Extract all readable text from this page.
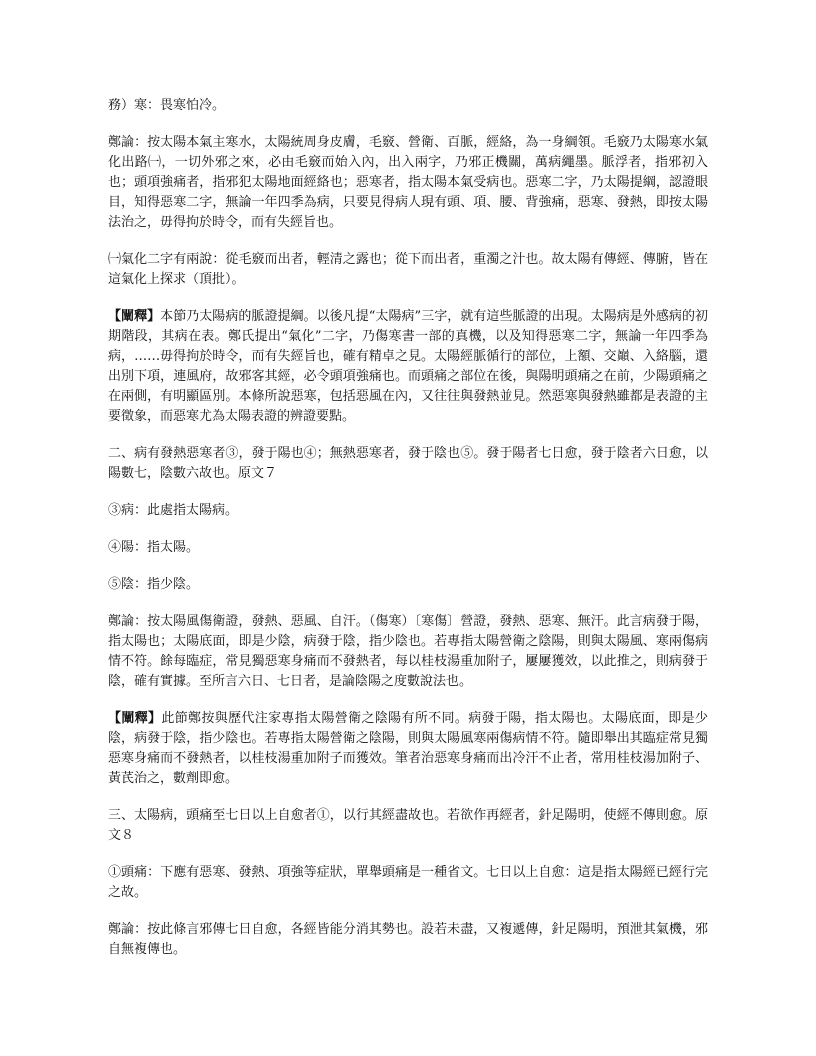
務）寒：畏寒怕冷。

鄭論：按太陽本氣主寒水，太陽統周身皮膚，毛竅、營衛、百脈，經絡，為一身綱領。毛竅乃太陽寒水氣化出路㈠，一切外邪之來，必由毛竅而始入內，出入兩字，乃邪正機關，萬病繩墨。脈浮者，指邪初入也；頭項強痛者，指邪犯太陽地面經絡也；惡寒者，指太陽本氣受病也。惡寒二字，乃太陽提綱，認證眼目，知得惡寒二字，無論一年四季為病，只要見得病人現有頭、項、腰、背強痛，惡寒、發熱，即按太陽法治之，毋得拘於時令，而有失經旨也。

㈠氣化二字有兩說：從毛竅而出者，輕清之露也；從下而出者，重濁之汁也。故太陽有傳經、傳腑，皆在這氣化上探求（頂批）。

【闡釋】本節乃太陽病的脈證提綱。以後凡提“太陽病”三字，就有這些脈證的出現。太陽病是外感病的初期階段，其病在表。鄭氏提出“氣化”二字，乃傷寒書一部的真機，以及知得惡寒二字，無論一年四季為病，……毋得拘於時令，而有失經旨也，確有精卓之見。太陽經脈循行的部位，上額、交巔、入絡腦，還出別下項，連風府，故邪客其經，必令頭項強痛也。而頭痛之部位在後，與陽明頭痛之在前，少陽頭痛之在兩側，有明顯區別。本條所說惡寒，包括惡風在內，又往往與發熱並見。然惡寒與發熱雖都是表證的主要徵象，而惡寒尤為太陽表證的辨證要點。

二、病有發熱惡寒者③，發于陽也④；無熱惡寒者，發于陰也⑤。發于陽者七日愈，發于陰者六日愈，以陽數七，陰數六故也。原文７

③病：此處指太陽病。

④陽：指太陽。

⑤陰：指少陰。

鄭論：按太陽風傷衛證，發熱、惡風、自汗。（傷寒）〔寒傷〕營證，發熱、惡寒、無汗。此言病發于陽，指太陽也；太陽底面，即是少陰，病發于陰，指少陰也。若專指太陽營衛之陰陽，則與太陽風、寒兩傷病情不符。餘每臨症，常見獨惡寒身痛而不發熱者，每以桂枝湯重加附子，屢屢獲效，以此推之，則病發于陰，確有實據。至所言六日、七日者，是論陰陽之度數說法也。

【闡釋】此節鄭按與歷代注家專指太陽營衛之陰陽有所不同。病發于陽，指太陽也。太陽底面，即是少陰，病發于陰，指少陰也。若專指太陽營衛之陰陽，則與太陽風寒兩傷病情不符。隨即舉出其臨症常見獨惡寒身痛而不發熱者，以桂枝湯重加附子而獲效。筆者治惡寒身痛而出冷汗不止者，常用桂枝湯加附子、黃芪治之，數劑即愈。

三、太陽病，頭痛至七日以上自愈者①，以行其經盡故也。若欲作再經者，針足陽明，使經不傳則愈。原文８

①頭痛：下應有惡寒、發熱、項強等症狀，單舉頭痛是一種省文。七日以上自愈：這是指太陽經已經行完之故。

鄭論：按此條言邪傳七日自愈，各經皆能分消其勢也。設若未盡，又複遞傳，針足陽明，預泄其氣機，邪自無複傳也。
